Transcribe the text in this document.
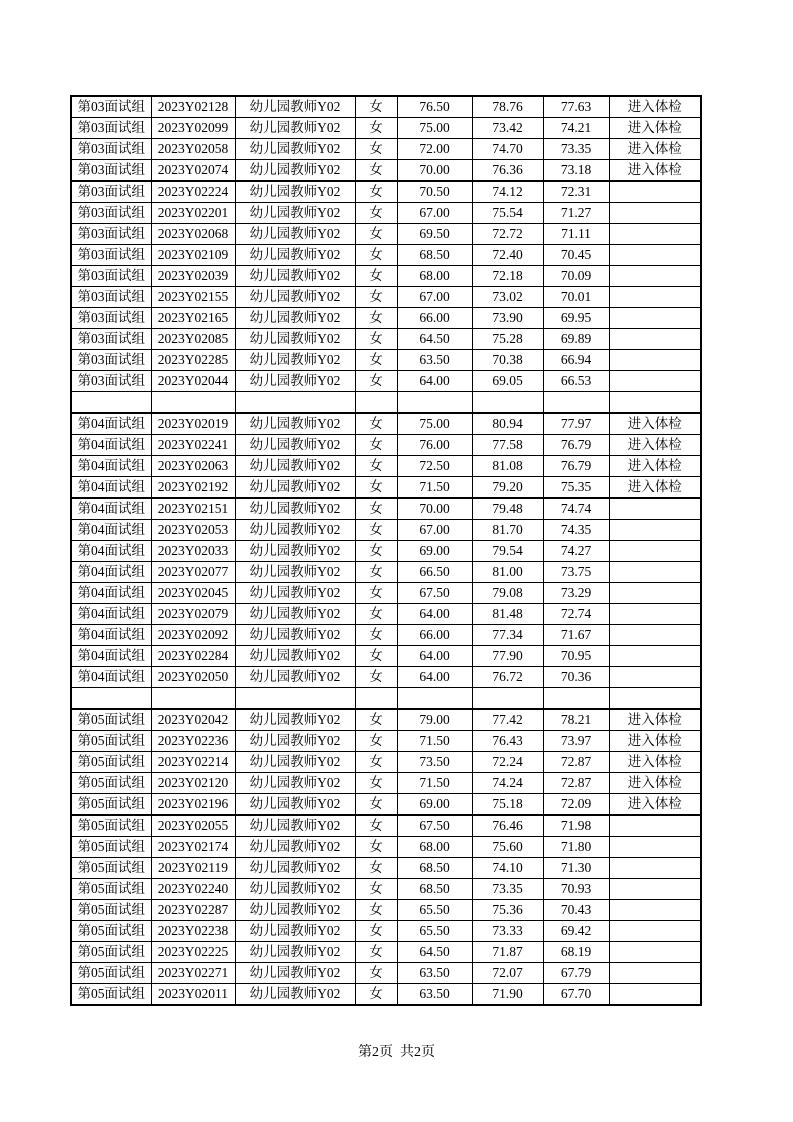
第03面试组	2023Y02128	幼儿园教师Y02	女	76.50	78.76	77.63	进入体检
第03面试组	2023Y02099	幼儿园教师Y02	女	75.00	73.42	74.21	进入体检
第03面试组	2023Y02058	幼儿园教师Y02	女	72.00	74.70	73.35	进入体检
第03面试组	2023Y02074	幼儿园教师Y02	女	70.00	76.36	73.18	进入体检
第03面试组	2023Y02224	幼儿园教师Y02	女	70.50	74.12	72.31	
第03面试组	2023Y02201	幼儿园教师Y02	女	67.00	75.54	71.27	
第03面试组	2023Y02068	幼儿园教师Y02	女	69.50	72.72	71.11	
第03面试组	2023Y02109	幼儿园教师Y02	女	68.50	72.40	70.45	
第03面试组	2023Y02039	幼儿园教师Y02	女	68.00	72.18	70.09	
第03面试组	2023Y02155	幼儿园教师Y02	女	67.00	73.02	70.01	
第03面试组	2023Y02165	幼儿园教师Y02	女	66.00	73.90	69.95	
第03面试组	2023Y02085	幼儿园教师Y02	女	64.50	75.28	69.89	
第03面试组	2023Y02285	幼儿园教师Y02	女	63.50	70.38	66.94	
第03面试组	2023Y02044	幼儿园教师Y02	女	64.00	69.05	66.53	

第04面试组	2023Y02019	幼儿园教师Y02	女	75.00	80.94	77.97	进入体检
第04面试组	2023Y02241	幼儿园教师Y02	女	76.00	77.58	76.79	进入体检
第04面试组	2023Y02063	幼儿园教师Y02	女	72.50	81.08	76.79	进入体检
第04面试组	2023Y02192	幼儿园教师Y02	女	71.50	79.20	75.35	进入体检
第04面试组	2023Y02151	幼儿园教师Y02	女	70.00	79.48	74.74	
第04面试组	2023Y02053	幼儿园教师Y02	女	67.00	81.70	74.35	
第04面试组	2023Y02033	幼儿园教师Y02	女	69.00	79.54	74.27	
第04面试组	2023Y02077	幼儿园教师Y02	女	66.50	81.00	73.75	
第04面试组	2023Y02045	幼儿园教师Y02	女	67.50	79.08	73.29	
第04面试组	2023Y02079	幼儿园教师Y02	女	64.00	81.48	72.74	
第04面试组	2023Y02092	幼儿园教师Y02	女	66.00	77.34	71.67	
第04面试组	2023Y02284	幼儿园教师Y02	女	64.00	77.90	70.95	
第04面试组	2023Y02050	幼儿园教师Y02	女	64.00	76.72	70.36	

第05面试组	2023Y02042	幼儿园教师Y02	女	79.00	77.42	78.21	进入体检
第05面试组	2023Y02236	幼儿园教师Y02	女	71.50	76.43	73.97	进入体检
第05面试组	2023Y02214	幼儿园教师Y02	女	73.50	72.24	72.87	进入体检
第05面试组	2023Y02120	幼儿园教师Y02	女	71.50	74.24	72.87	进入体检
第05面试组	2023Y02196	幼儿园教师Y02	女	69.00	75.18	72.09	进入体检
第05面试组	2023Y02055	幼儿园教师Y02	女	67.50	76.46	71.98	
第05面试组	2023Y02174	幼儿园教师Y02	女	68.00	75.60	71.80	
第05面试组	2023Y02119	幼儿园教师Y02	女	68.50	74.10	71.30	
第05面试组	2023Y02240	幼儿园教师Y02	女	68.50	73.35	70.93	
第05面试组	2023Y02287	幼儿园教师Y02	女	65.50	75.36	70.43	
第05面试组	2023Y02238	幼儿园教师Y02	女	65.50	73.33	69.42	
第05面试组	2023Y02225	幼儿园教师Y02	女	64.50	71.87	68.19	
第05面试组	2023Y02271	幼儿园教师Y02	女	63.50	72.07	67.79	
第05面试组	2023Y02011	幼儿园教师Y02	女	63.50	71.90	67.70	
第2页  共2页
